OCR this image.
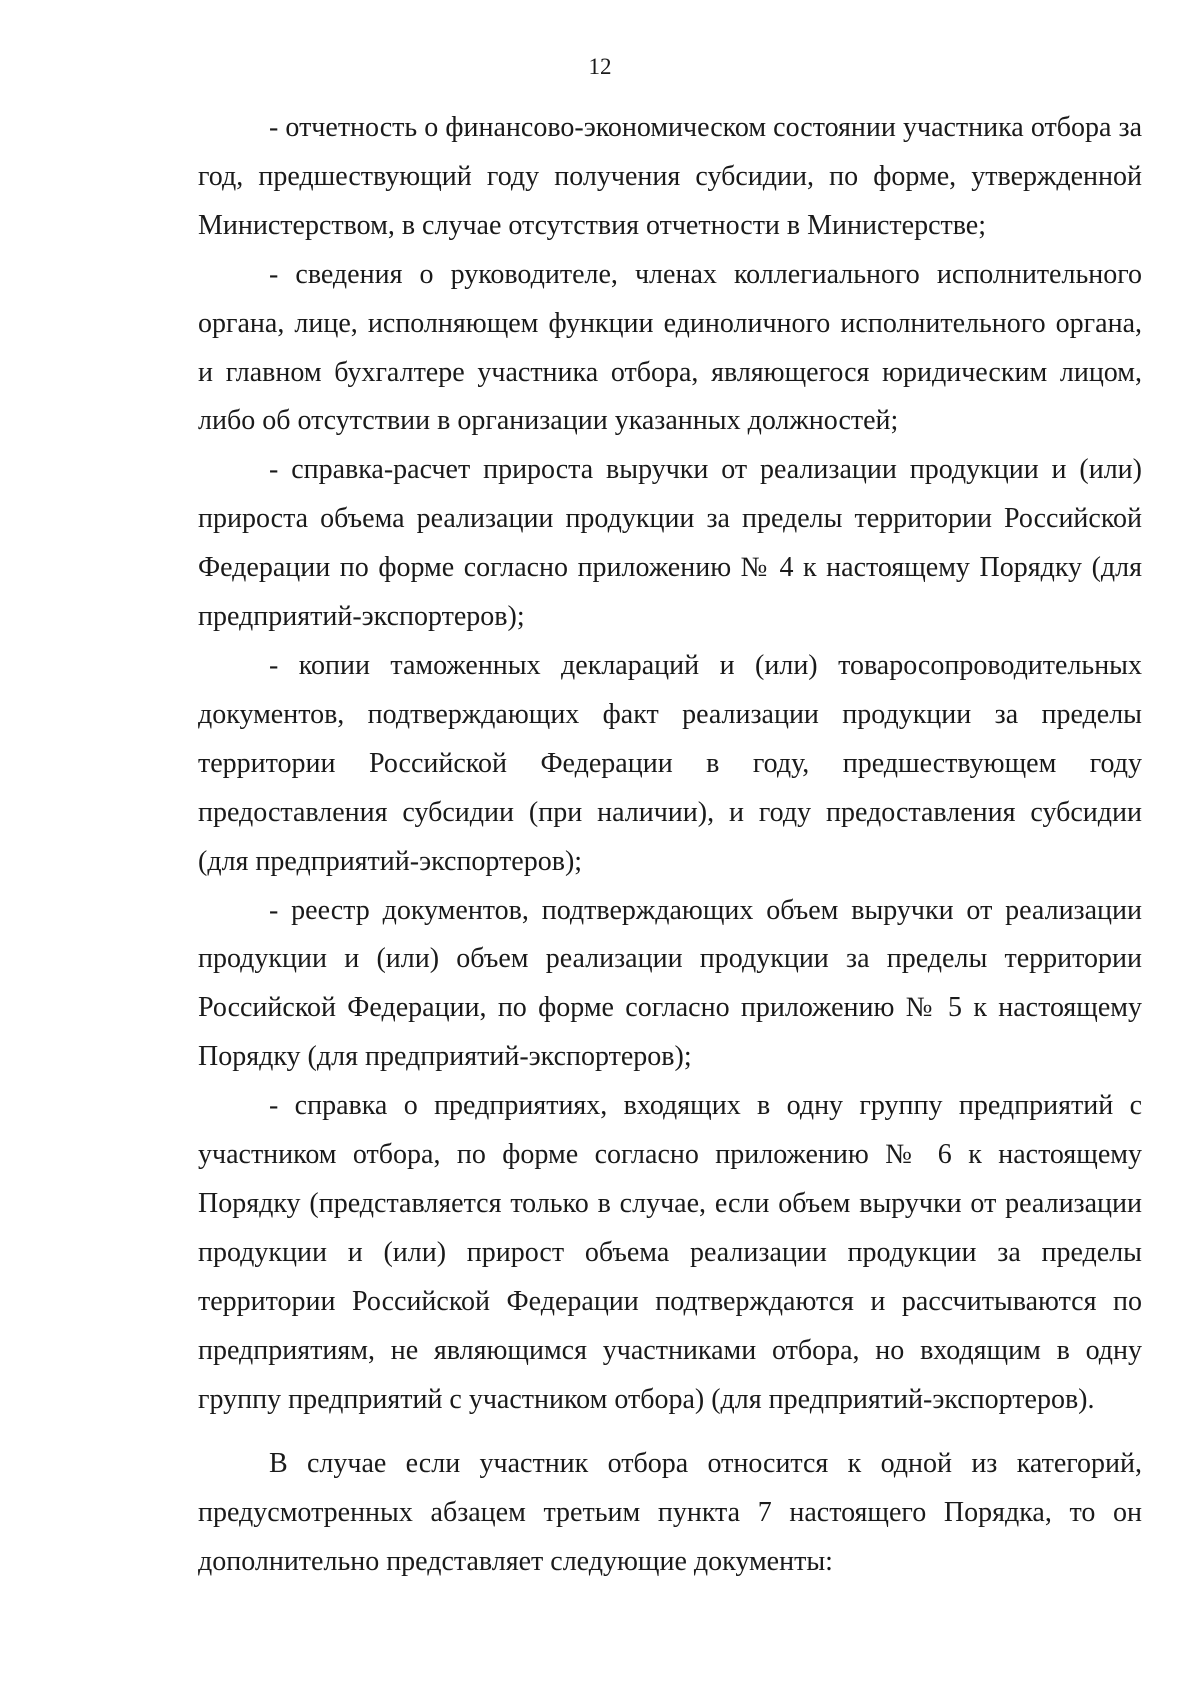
12

- отчетность о финансово-экономическом состоянии участника отбора за год, предшествующий году получения субсидии, по форме, утвержденной Министерством, в случае отсутствия отчетности в Министерстве;

- сведения о руководителе, членах коллегиального исполнительного органа, лице, исполняющем функции единоличного исполнительного органа, и главном бухгалтере участника отбора, являющегося юридическим лицом, либо об отсутствии в организации указанных должностей;

- справка-расчет прироста выручки от реализации продукции и (или) прироста объема реализации продукции за пределы территории Российской Федерации по форме согласно приложению № 4 к настоящему Порядку (для предприятий-экспортеров);

- копии таможенных деклараций и (или) товаросопроводительных документов, подтверждающих факт реализации продукции за пределы территории Российской Федерации в году, предшествующем году предоставления субсидии (при наличии), и году предоставления субсидии (для предприятий-экспортеров);

- реестр документов, подтверждающих объем выручки от реализации продукции и (или) объем реализации продукции за пределы территории Российской Федерации, по форме согласно приложению № 5 к настоящему Порядку (для предприятий-экспортеров);

- справка о предприятиях, входящих в одну группу предприятий с участником отбора, по форме согласно приложению № 6 к настоящему Порядку (представляется только в случае, если объем выручки от реализации продукции и (или) прирост объема реализации продукции за пределы территории Российской Федерации подтверждаются и рассчитываются по предприятиям, не являющимся участниками отбора, но входящим в одну группу предприятий с участником отбора) (для предприятий-экспортеров).

В случае если участник отбора относится к одной из категорий, предусмотренных абзацем третьим пункта 7 настоящего Порядка, то он дополнительно представляет следующие документы:
